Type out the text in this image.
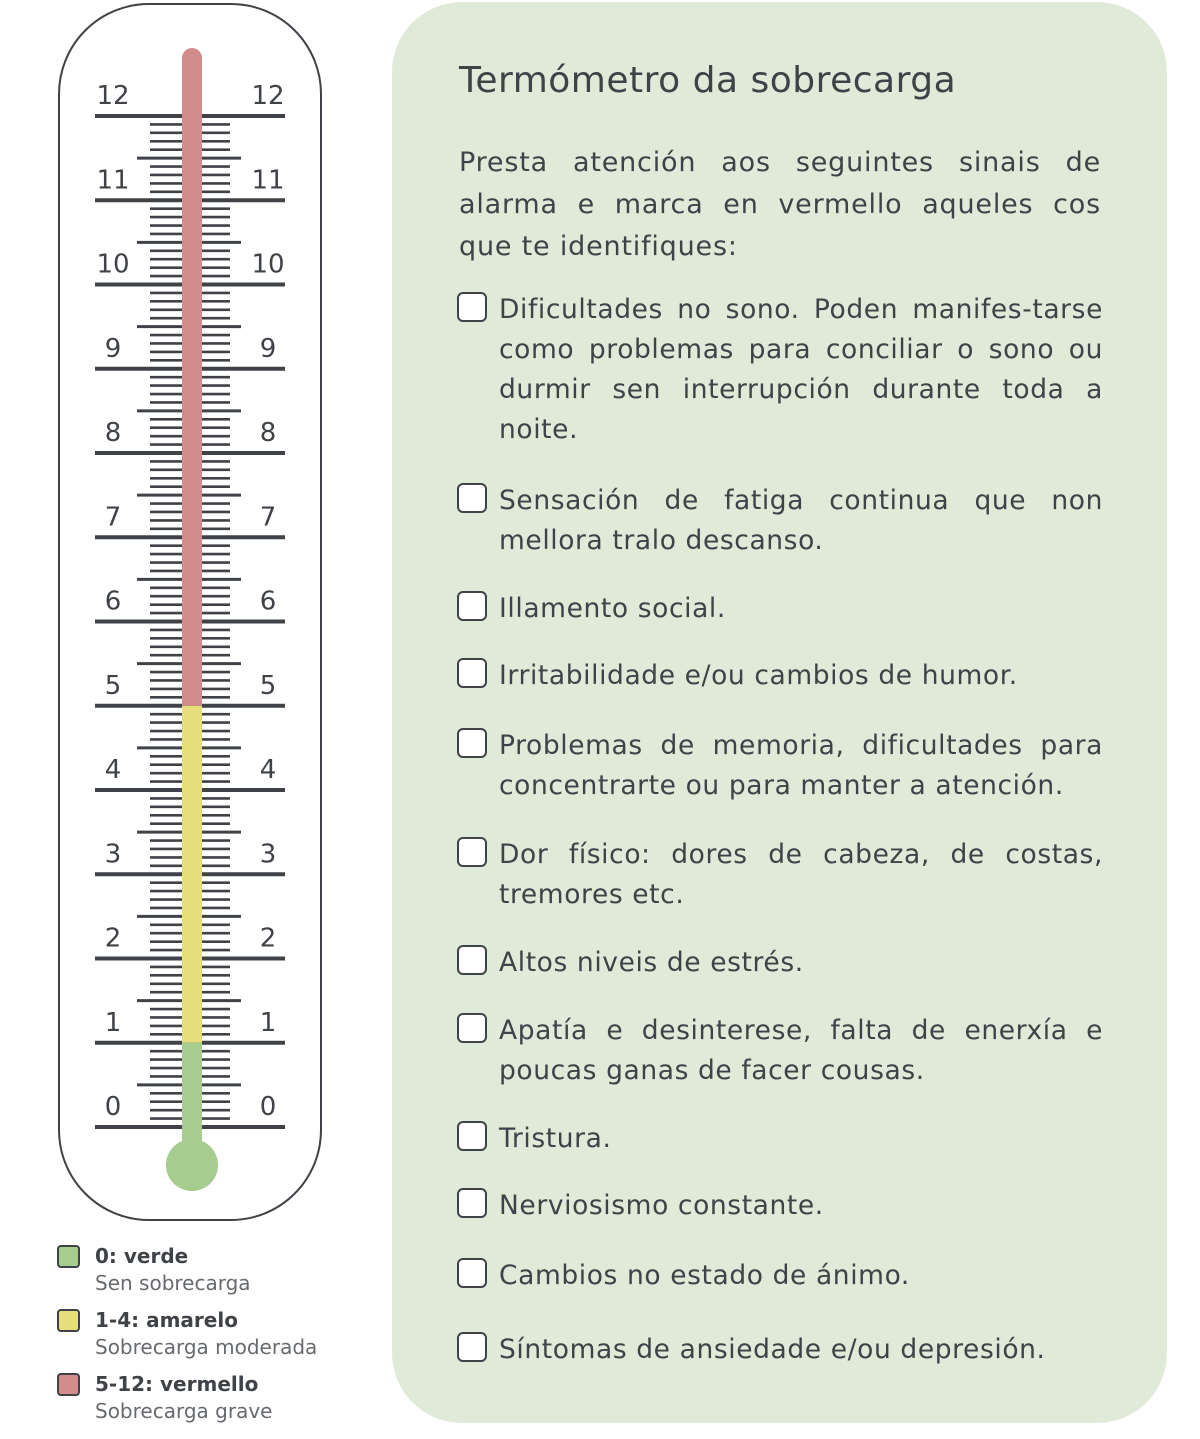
0	0
1	1
2	2
3	3
4	4
5	5
6	6
7	7
8	8
9	9
10	10
11	11
12	12
0: verde
Sen sobrecarga
1-4: amarelo
Sobrecarga moderada
5-12: vermello
Sobrecarga grave
Termómetro da sobrecarga

Presta atención aos seguintes sinais de alarma e marca en vermello aqueles cos que te identifiques:

Dificultades no sono. Poden manifes-tarse como problemas para conciliar o sono ou durmir sen interrupción durante toda a noite.

Sensación de fatiga continua que non mellora tralo descanso.

Illamento social.

Irritabilidade e/ou cambios de humor.

Problemas de memoria, dificultades para concentrarte ou para manter a atención.

Dor físico: dores de cabeza, de costas, tremores etc.

Altos niveis de estrés.

Apatía e desinterese, falta de enerxía e poucas ganas de facer cousas.

Tristura.

Nerviosismo constante.

Cambios no estado de ánimo.

Síntomas de ansiedade e/ou depresión.
